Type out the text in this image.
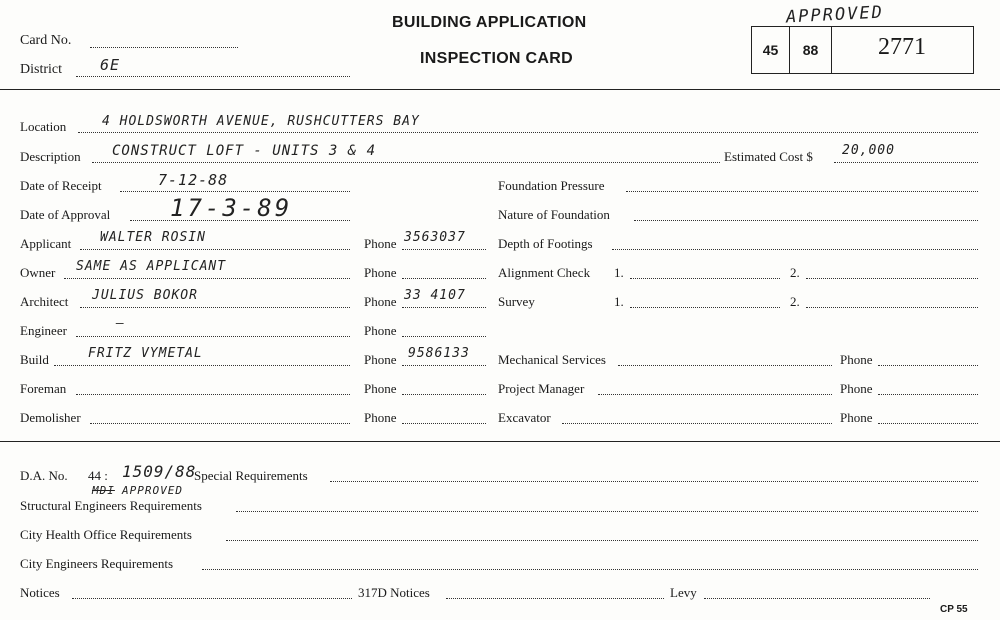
Card No.
District	6E
BUILDING APPLICATION
INSPECTION CARD
APPROVED
45	88	2771
Location	4 HOLDSWORTH AVENUE, RUSHCUTTERS BAY
Description CONSTRUCT LOFT - UNITS 3 & 4	Estimated Cost $ 20,000
Date of Receipt	7-12-88
Date of Approval 17-3-89
Applicant WALTER ROSIN	Phone 3563037
Owner SAME AS APPLICANT	Phone
Architect JULIUS BOKOR	Phone 33 4107
Engineer	–	Phone
Build	FRITZ VYMETAL	Phone 9586133
Foreman	Phone
Demolisher	Phone
Foundation Pressure
Nature of Foundation
Depth of Footings
Alignment Check 1.	2.
Survey	1.	2.
Mechanical Services	Phone
Project Manager	Phone
Excavator	Phone
D.A. No. 44 : 1509/88
MDI APPROVED
Special Requirements
Structural Engineers Requirements
City Health Office Requirements
City Engineers Requirements
Notices	317D Notices	Levy
CP 55
